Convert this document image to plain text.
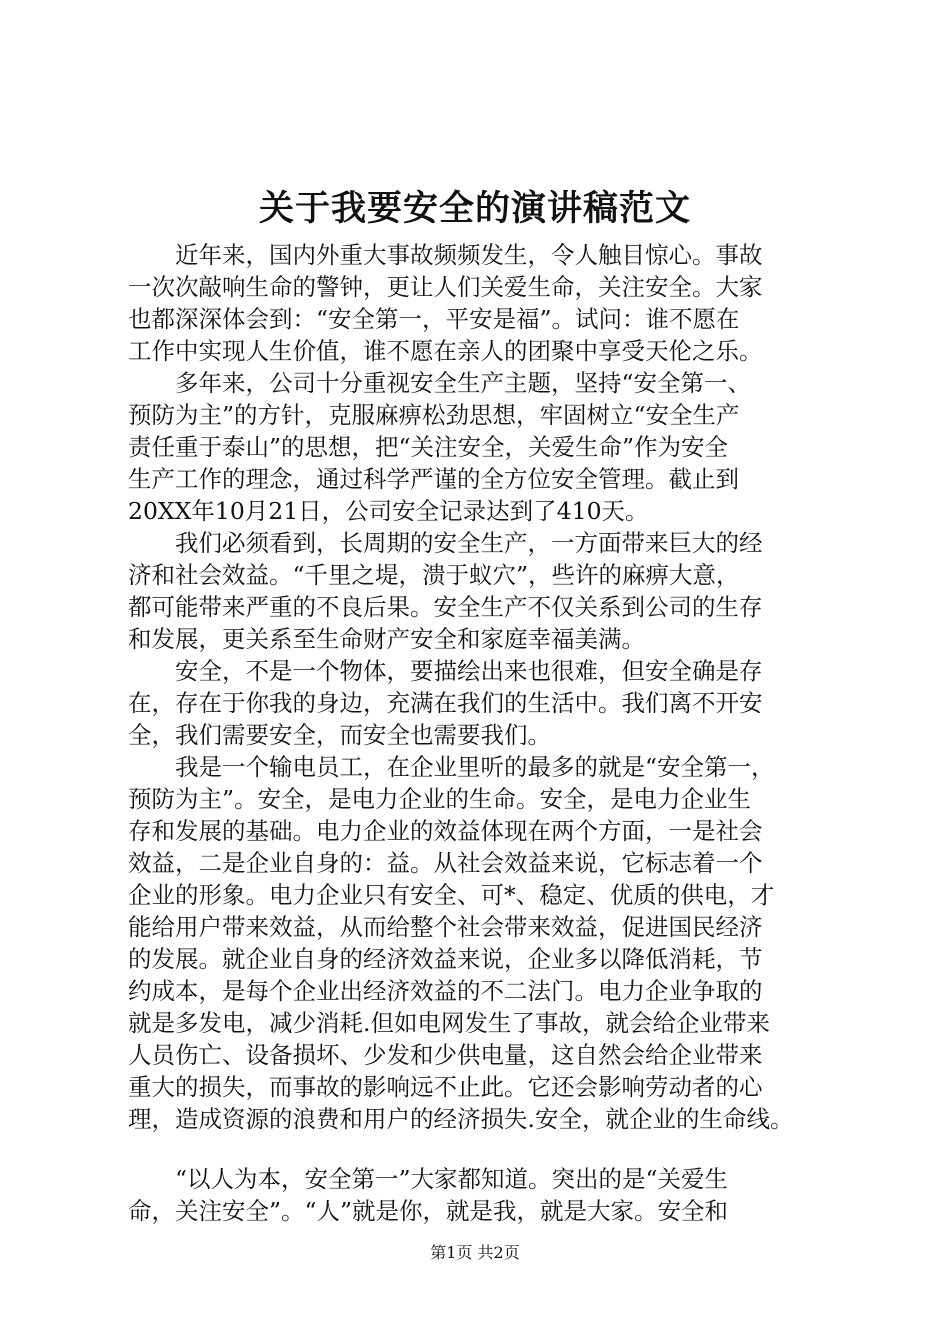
关于我要安全的演讲稿范文

近年来，国内外重大事故频频发生，令人触目惊心。事故
一次次敲响生命的警钟，更让人们关爱生命，关注安全。大家
也都深深体会到：“安全第一，平安是福”。试问：谁不愿在
工作中实现人生价值，谁不愿在亲人的团聚中享受天伦之乐。

多年来，公司十分重视安全生产主题，坚持“安全第一、
预防为主”的方针，克服麻痹松劲思想，牢固树立“安全生产
责任重于泰山”的思想，把“关注安全，关爱生命”作为安全
生产工作的理念，通过科学严谨的全方位安全管理。截止到
20XX年10月21日，公司安全记录达到了410天。

我们必须看到，长周期的安全生产，一方面带来巨大的经
济和社会效益。“千里之堤，溃于蚁穴”，些许的麻痹大意，
都可能带来严重的不良后果。安全生产不仅关系到公司的生存
和发展，更关系至生命财产安全和家庭幸福美满。

安全，不是一个物体，要描绘出来也很难，但安全确是存
在，存在于你我的身边，充满在我们的生活中。我们离不开安
全，我们需要安全，而安全也需要我们。

我是一个输电员工，在企业里听的最多的就是“安全第一，
预防为主”。安全，是电力企业的生命。安全，是电力企业生
存和发展的基础。电力企业的效益体现在两个方面，一是社会
效益，二是企业自身的：益。从社会效益来说，它标志着一个
企业的形象。电力企业只有安全、可*、稳定、优质的供电，才
能给用户带来效益，从而给整个社会带来效益，促进国民经济
的发展。就企业自身的经济效益来说，企业多以降低消耗，节
约成本，是每个企业出经济效益的不二法门。电力企业争取的
就是多发电，减少消耗.但如电网发生了事故，就会给企业带来
人员伤亡、设备损坏、少发和少供电量，这自然会给企业带来
重大的损失，而事故的影响远不止此。它还会影响劳动者的心
理，造成资源的浪费和用户的经济损失.安全，就企业的生命线。

“以人为本，安全第一”大家都知道。突出的是“关爱生
命，关注安全”。“人”就是你，就是我，就是大家。安全和

第1页 共2页
